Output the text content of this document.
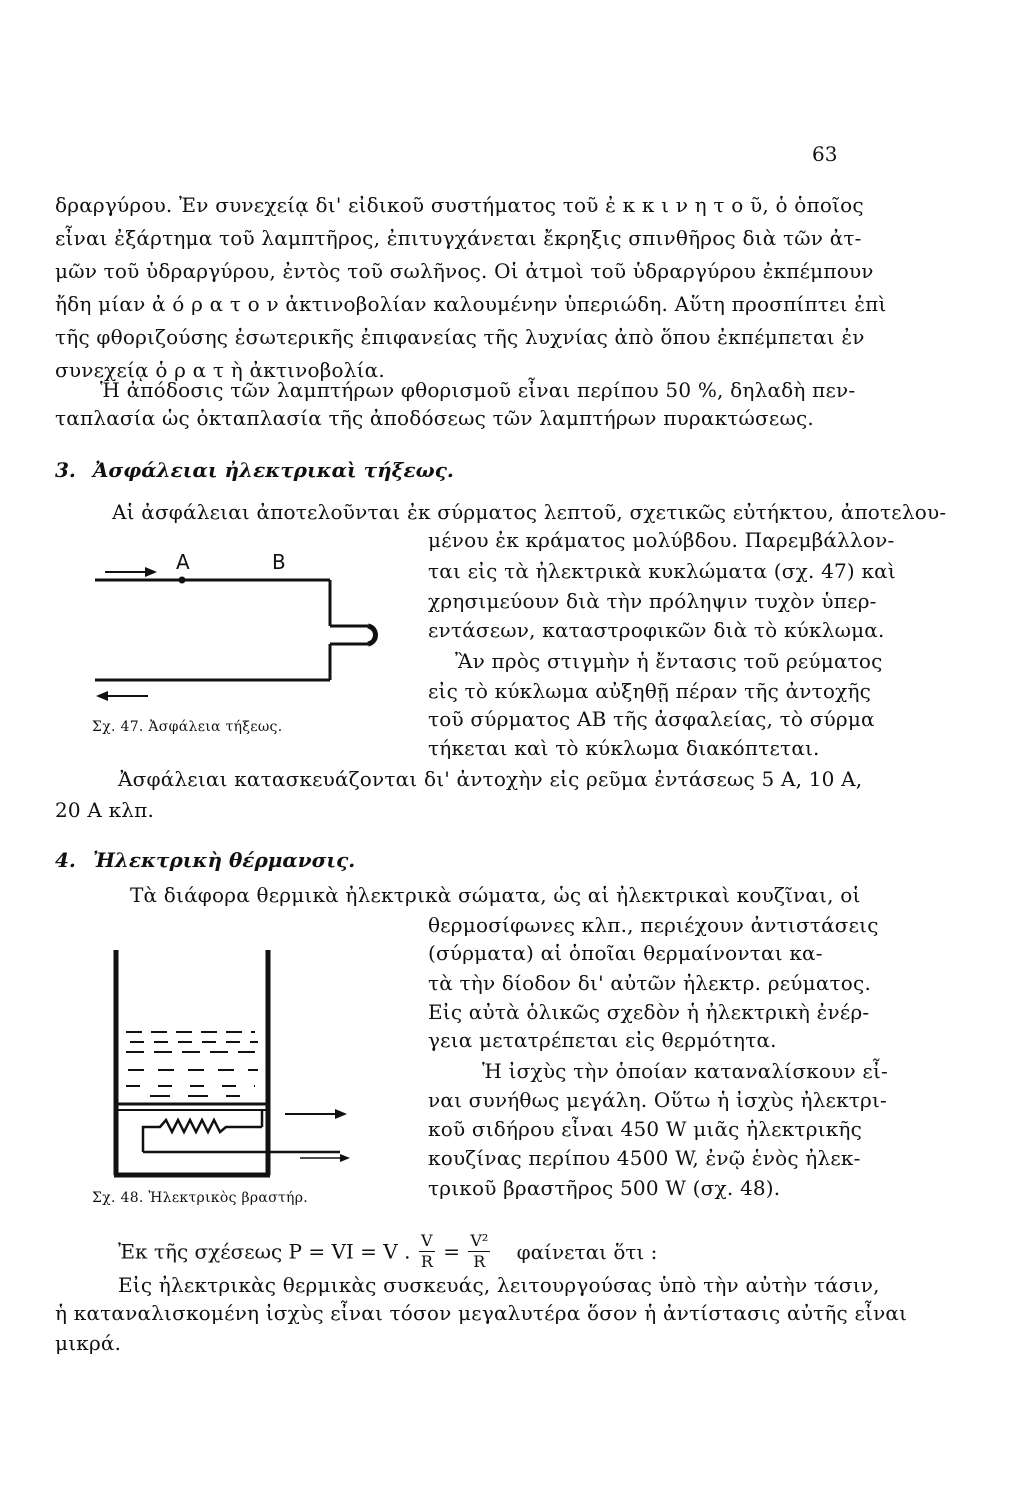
63
δραργύρου. Ἐν συνεχείᾳ δι' εἰδικοῦ συστήματος τοῦ ἐ κ κ ι ν η τ ο ῦ, ὁ ὁποῖος
εἶναι ἐξάρτημα τοῦ λαμπτῆρος, ἐπιτυγχάνεται ἔκρηξις σπινθῆρος διὰ τῶν ἀτ-
μῶν τοῦ ὑδραργύρου, ἐντὸς τοῦ σωλῆνος. Οἱ ἀτμοὶ τοῦ ὑδραργύρου ἐκπέμπουν
ἤδη μίαν ἀ ό ρ α τ ο ν ἀκτινοβολίαν καλουμένην ὑπεριώδη. Αὕτη προσπίπτει ἐπὶ
τῆς φθοριζούσης ἐσωτερικῆς ἐπιφανείας τῆς λυχνίας ἀπὸ ὅπου ἐκπέμπεται ἐν
συνεχείᾳ ὁ ρ α τ ὴ ἀκτινοβολία.
Ἡ ἀπόδοσις τῶν λαμπτήρων φθορισμοῦ εἶναι περίπου 50 %, δηλαδὴ πεν-
ταπλασία ὡς ὀκταπλασία τῆς ἀποδόσεως τῶν λαμπτήρων πυρακτώσεως.
3. Ἀσφάλειαι ἠλεκτρικαὶ τήξεως.
Αἱ ἀσφάλειαι ἀποτελοῦνται ἐκ σύρματος λεπτοῦ, σχετικῶς εὐτήκτου, ἀποτελου-
μένου ἐκ κράματος μολύβδου. Παρεμβάλλον-
ται εἰς τὰ ἠλεκτρικὰ κυκλώματα (σχ. 47) καὶ
χρησιμεύουν διὰ τὴν πρόληψιν τυχὸν ὑπερ-
εντάσεων, καταστροφικῶν διὰ τὸ κύκλωμα.
A	B
Σχ. 47. Ἀσφάλεια τήξεως.
Ἂν πρὸς στιγμὴν ἡ ἔντασις τοῦ ρεύματος
εἰς τὸ κύκλωμα αὐξηθῇ πέραν τῆς ἀντοχῆς
τοῦ σύρματος AB τῆς ἀσφαλείας, τὸ σύρμα
τήκεται καὶ τὸ κύκλωμα διακόπτεται.
Ἀσφάλειαι κατασκευάζονται δι' ἀντοχὴν εἰς ρεῦμα ἐντάσεως 5 A, 10 A,
20 A κλπ.
4. Ἠλεκτρικὴ θέρμανσις.
Τὰ διάφορα θερμικὰ ἠλεκτρικὰ σώματα, ὡς αἱ ἠλεκτρικαὶ κουζῖναι, οἱ
θερμοσίφωνες κλπ., περιέχουν ἀντιστάσεις
(σύρματα) αἱ ὁποῖαι θερμαίνονται κα-
τὰ τὴν δίοδον δι' αὐτῶν ἠλεκτρ. ρεύματος.
Εἰς αὐτὰ ὁλικῶς σχεδὸν ἡ ἠλεκτρικὴ ἐνέρ-
γεια μετατρέπεται εἰς θερμότητα.
Σχ. 48. Ἠλεκτρικὸς βραστήρ.
Ἡ ἰσχὺς τὴν ὁποίαν καταναλίσκουν εἶ-
ναι συνήθως μεγάλη. Οὕτω ἡ ἰσχὺς ἠλεκτρι-
κοῦ σιδήρου εἶναι 450 W μιᾶς ἠλεκτρικῆς
κουζίνας περίπου 4500 W, ἐνῷ ἑνὸς ἠλεκ-
τρικοῦ βραστῆρος 500 W (σχ. 48).
Ἐκ τῆς σχέσεως P = VI = V . $\frac{V}{R} = \frac{\text{V²}}{R}$ φαίνεται ὅτι :
Εἰς ἠλεκτρικὰς θερμικὰς συσκευάς, λειτουργούσας ὑπὸ τὴν αὐτὴν τάσιν,
ἡ καταναλισκομένη ἰσχὺς εἶναι τόσον μεγαλυτέρα ὅσον ἡ ἀντίστασις αὐτῆς εἶναι
μικρά.
